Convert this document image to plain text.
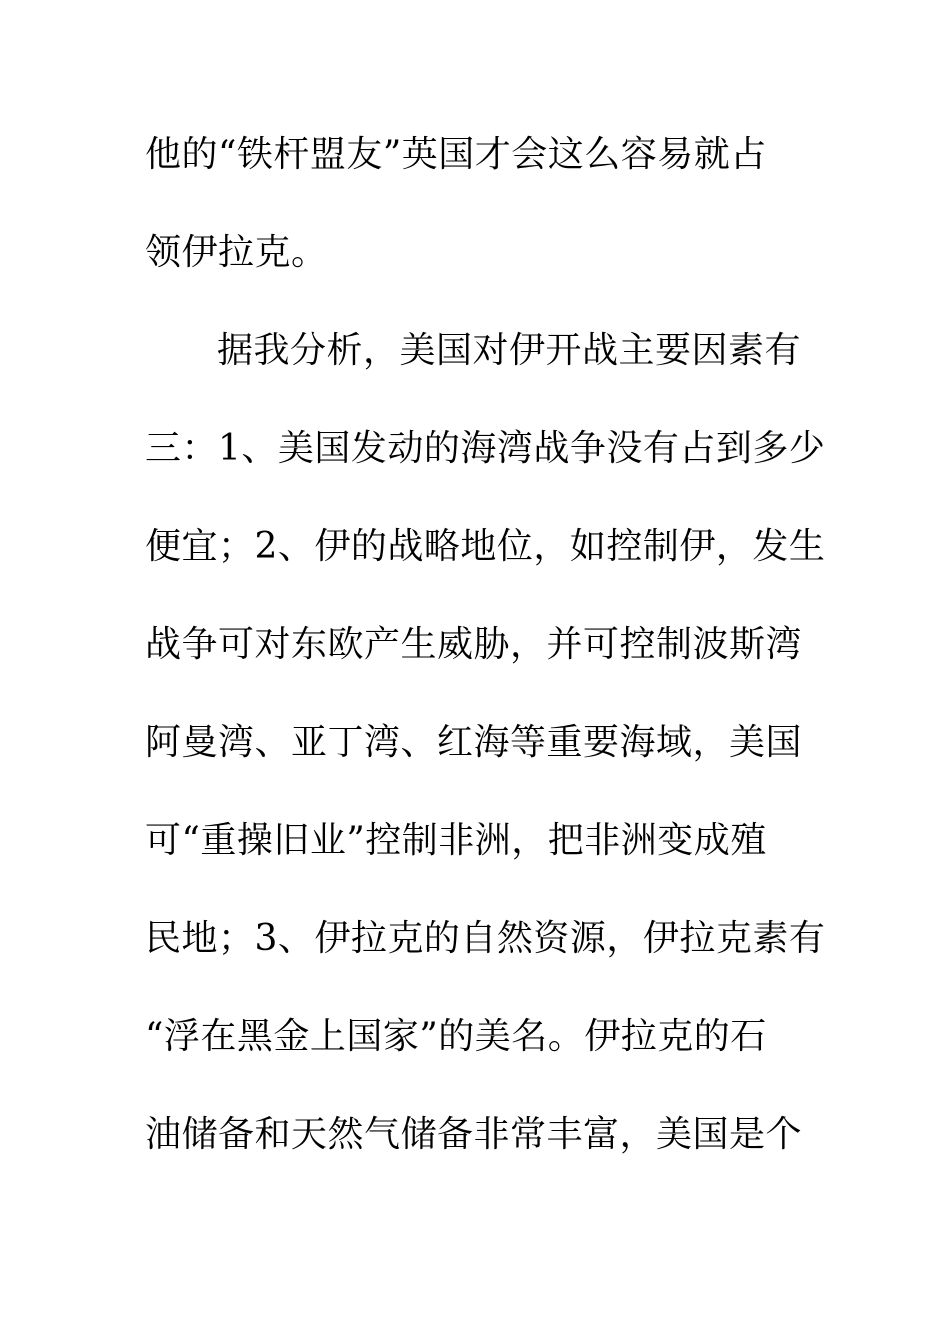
他的“铁杆盟友”英国才会这么容易就占
领伊拉克。
据我分析，美国对伊开战主要因素有
三：1、美国发动的海湾战争没有占到多少
便宜；2、伊的战略地位，如控制伊，发生
战争可对东欧产生威胁，并可控制波斯湾
阿曼湾、亚丁湾、红海等重要海域，美国
可“重操旧业”控制非洲，把非洲变成殖
民地；3、伊拉克的自然资源，伊拉克素有
“浮在黑金上国家”的美名。伊拉克的石
油储备和天然气储备非常丰富，美国是个
